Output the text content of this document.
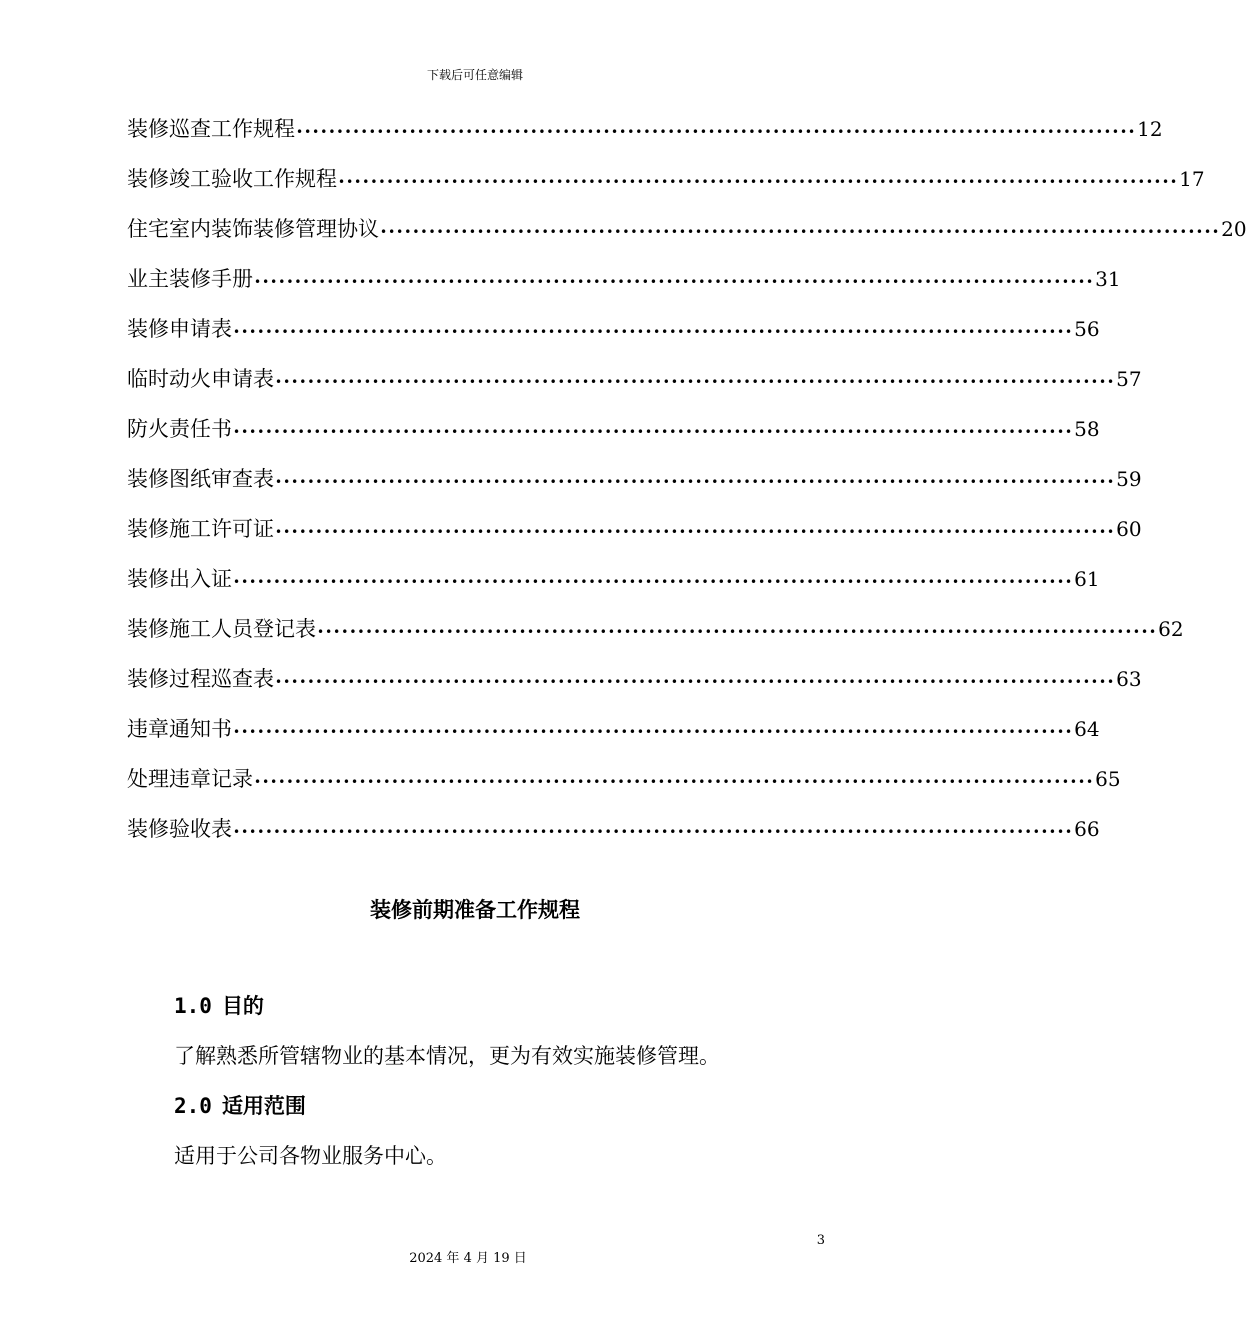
下载后可任意编辑
装修巡查工作规程 •••••••••••••••••••••••••••••••••••••••••••••••••••••••••••••••••••••••••••••••••••••••••••••••••••••••• 12
装修竣工验收工作规程 •••••••••••••••••••••••••••••••••••••••••••••••••••••••••••••••••••••••••••••••••••••••••••••••••••••••• 17
住宅室内装饰装修管理协议 •••••••••••••••••••••••••••••••••••••••••••••••••••••••••••••••••••••••••••••••••••••••••••••••••••••••• 20
业主装修手册 •••••••••••••••••••••••••••••••••••••••••••••••••••••••••••••••••••••••••••••••••••••••••••••••••••••••• 31
装修申请表 •••••••••••••••••••••••••••••••••••••••••••••••••••••••••••••••••••••••••••••••••••••••••••••••••••••••• 56
临时动火申请表 •••••••••••••••••••••••••••••••••••••••••••••••••••••••••••••••••••••••••••••••••••••••••••••••••••••••• 57
防火责任书 •••••••••••••••••••••••••••••••••••••••••••••••••••••••••••••••••••••••••••••••••••••••••••••••••••••••• 58
装修图纸审查表 •••••••••••••••••••••••••••••••••••••••••••••••••••••••••••••••••••••••••••••••••••••••••••••••••••••••• 59
装修施工许可证 •••••••••••••••••••••••••••••••••••••••••••••••••••••••••••••••••••••••••••••••••••••••••••••••••••••••• 60
装修出入证 •••••••••••••••••••••••••••••••••••••••••••••••••••••••••••••••••••••••••••••••••••••••••••••••••••••••• 61
装修施工人员登记表 •••••••••••••••••••••••••••••••••••••••••••••••••••••••••••••••••••••••••••••••••••••••••••••••••••••••• 62
装修过程巡查表 •••••••••••••••••••••••••••••••••••••••••••••••••••••••••••••••••••••••••••••••••••••••••••••••••••••••• 63
违章通知书 •••••••••••••••••••••••••••••••••••••••••••••••••••••••••••••••••••••••••••••••••••••••••••••••••••••••• 64
处理违章记录 •••••••••••••••••••••••••••••••••••••••••••••••••••••••••••••••••••••••••••••••••••••••••••••••••••••••• 65
装修验收表 •••••••••••••••••••••••••••••••••••••••••••••••••••••••••••••••••••••••••••••••••••••••••••••••••••••••• 66
装修前期准备工作规程
1.0 目的
了解熟悉所管辖物业的基本情况，更为有效实施装修管理。
2.0 适用范围
适用于公司各物业服务中心。
3
2024 年 4 月 19 日
